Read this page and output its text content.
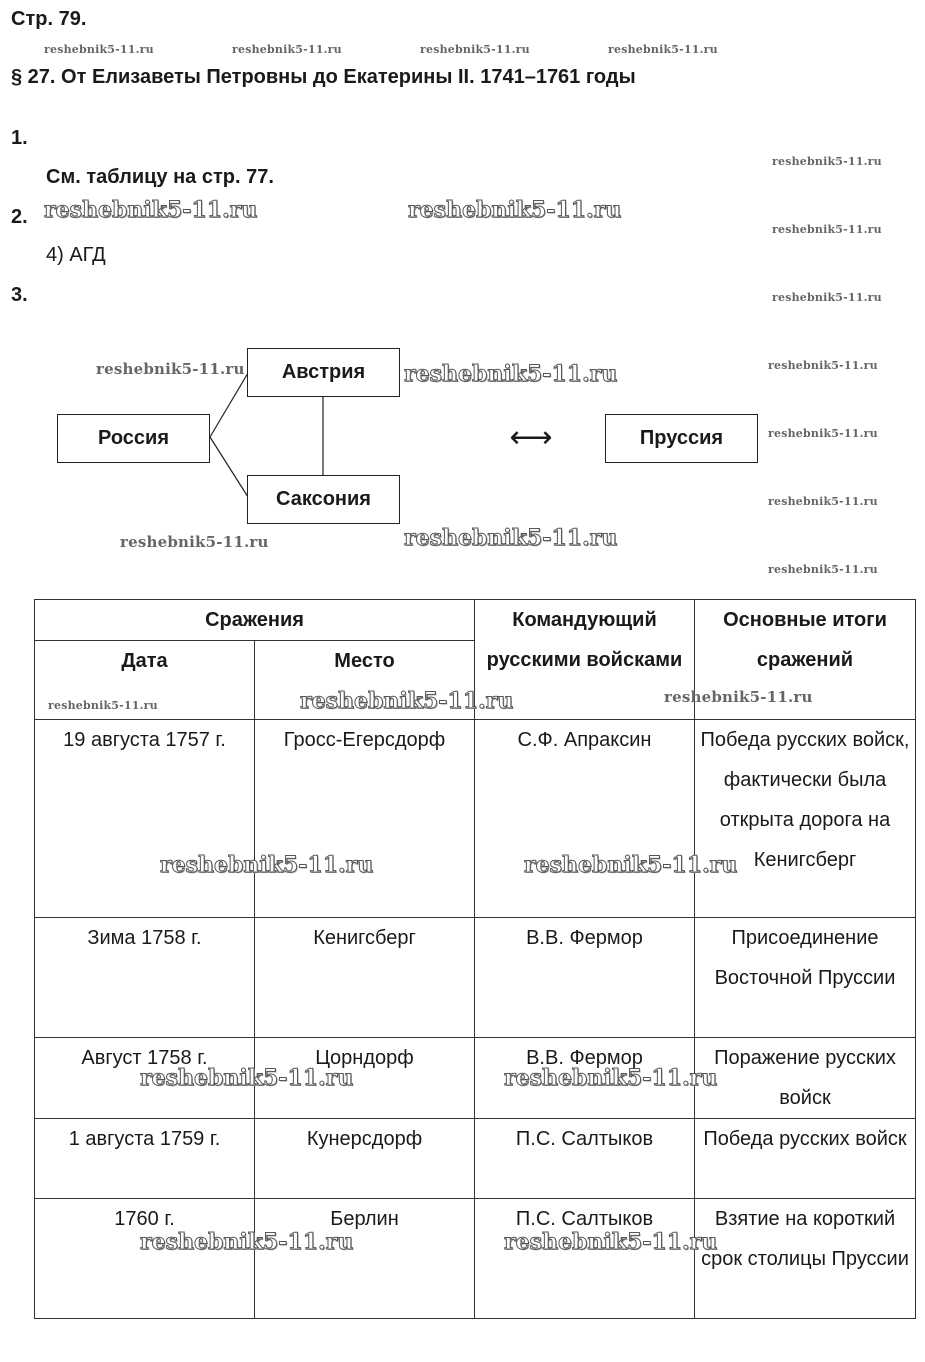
Стр. 79.
§ 27. От Елизаветы Петровны до Екатерины II. 1741–1761 годы
1.
См. таблицу на стр. 77.
2.
4) АГД
3.
Россия
Австрия
Саксония
Пруссия
⟷
Сражения		Командующий русскими войсками	Основные итоги сражений
Дата	Место		
19 августа 1757 г.	Гросс-Егерсдорф	С.Ф. Апраксин	Победа русских войск, фактически была открыта дорога на Кенигсберг
Зима 1758 г.	Кенигсберг	В.В. Фермор	Присоединение Восточной Пруссии
Август 1758 г.	Цорндорф	В.В. Фермор	Поражение русских войск
1 августа 1759 г.	Кунерсдорф	П.С. Салтыков	Победа русских войск
1760 г.	Берлин	П.С. Салтыков	Взятие на короткий срок столицы Пруссии
reshebnik5-11.ru	reshebnik5-11.ru	reshebnik5-11.ru	reshebnik5-11.ru
reshebnik5-11.ru
reshebnik5-11.ru
reshebnik5-11.ru
reshebnik5-11.ru
reshebnik5-11.ru
reshebnik5-11.ru
reshebnik5-11.ru
reshebnik5-11.ru
reshebnik5-11.ru
reshebnik5-11.ru
reshebnik5-11.ru
reshebnik5-11.ru	reshebnik5-11.ru
reshebnik5-11.ru
reshebnik5-11.ru
reshebnik5-11.ru
reshebnik5-11.ru	reshebnik5-11.ru
reshebnik5-11.ru	reshebnik5-11.ru
reshebnik5-11.ru	reshebnik5-11.ru
